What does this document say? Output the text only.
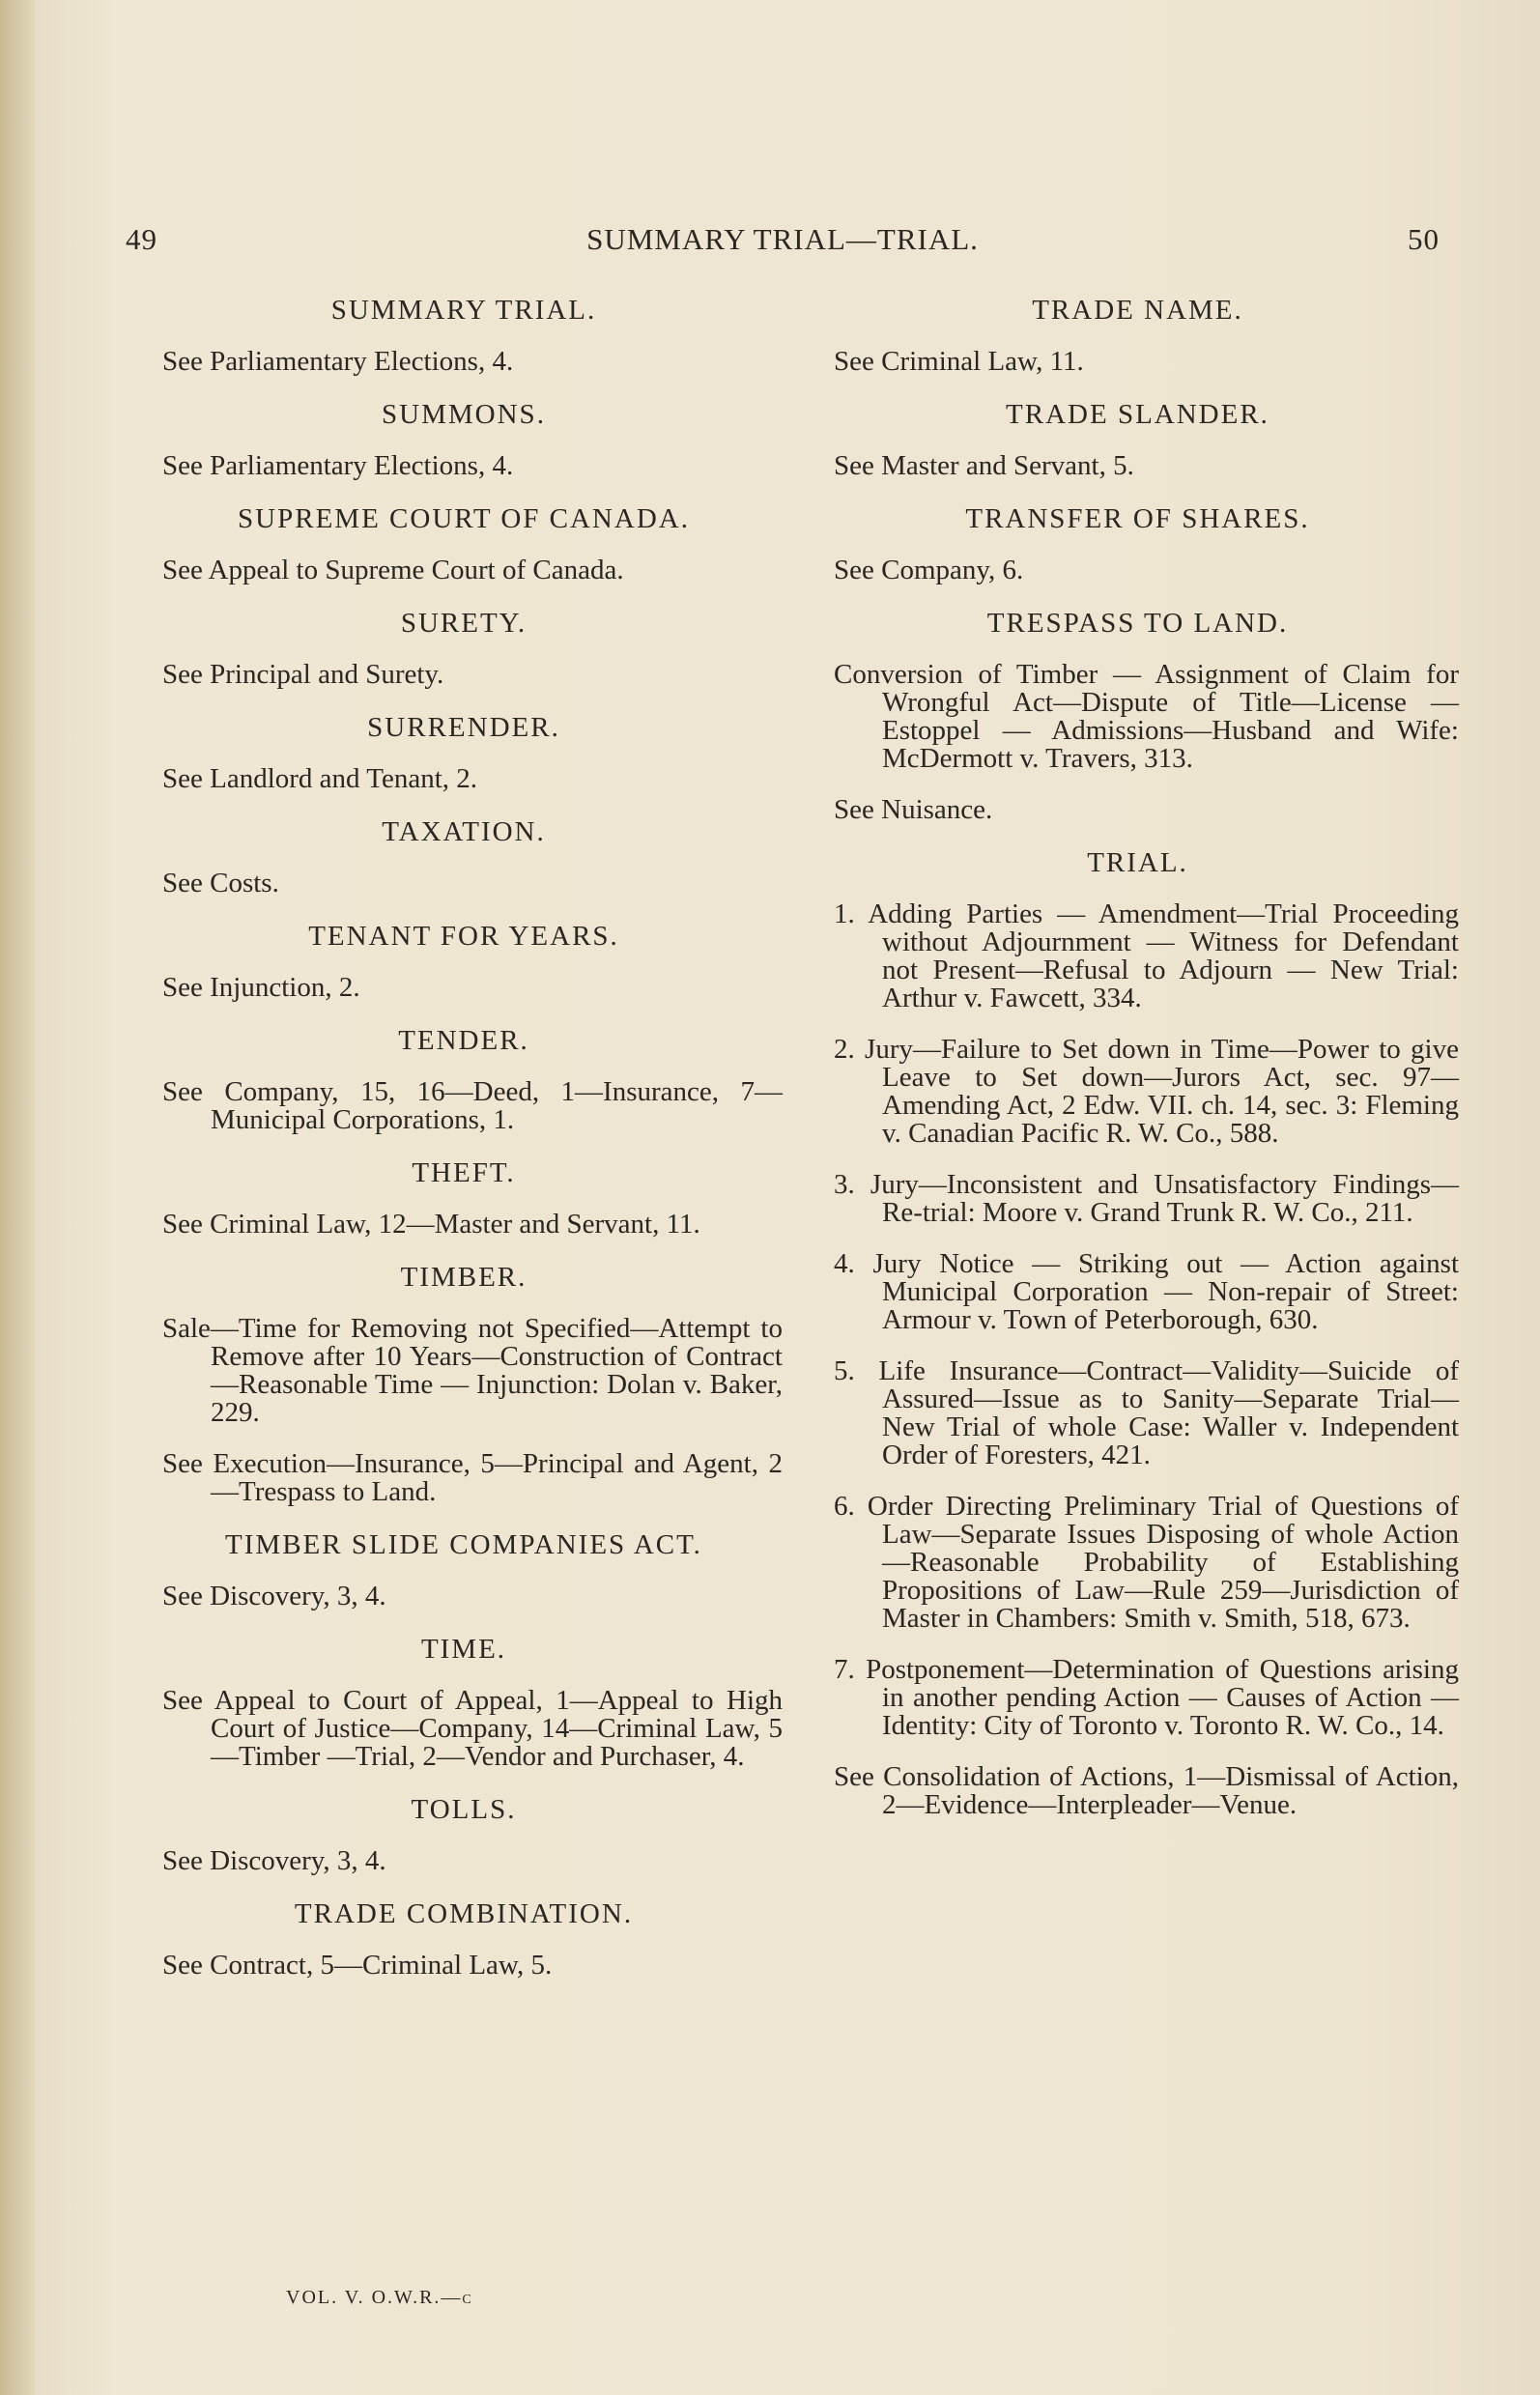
49	SUMMARY TRIAL—TRIAL.	50
SUMMARY TRIAL.
See Parliamentary Elections, 4.
SUMMONS.
See Parliamentary Elections, 4.
SUPREME COURT OF CANADA.
See Appeal to Supreme Court of Canada.
SURETY.
See Principal and Surety.
SURRENDER.
See Landlord and Tenant, 2.
TAXATION.
See Costs.
TENANT FOR YEARS.
See Injunction, 2.
TENDER.
See Company, 15, 16—Deed, 1—Insurance, 7—Municipal Corporations, 1.
THEFT.
See Criminal Law, 12—Master and Servant, 11.
TIMBER.
Sale—Time for Removing not Specified—Attempt to Remove after 10 Years—Construction of Contract—Reasonable Time — Injunction: Dolan v. Baker, 229.
See Execution—Insurance, 5—Principal and Agent, 2—Trespass to Land.
TIMBER SLIDE COMPANIES ACT.
See Discovery, 3, 4.
TIME.
See Appeal to Court of Appeal, 1—Appeal to High Court of Justice—Company, 14—Criminal Law, 5—Timber —Trial, 2—Vendor and Purchaser, 4.
TOLLS.
See Discovery, 3, 4.
TRADE COMBINATION.
See Contract, 5—Criminal Law, 5.
TRADE NAME.
See Criminal Law, 11.
TRADE SLANDER.
See Master and Servant, 5.
TRANSFER OF SHARES.
See Company, 6.
TRESPASS TO LAND.
Conversion of Timber — Assignment of Claim for Wrongful Act—Dispute of Title—License — Estoppel — Admissions—Husband and Wife: McDermott v. Travers, 313.
See Nuisance.
TRIAL.
1. Adding Parties — Amendment—Trial Proceeding without Adjournment — Witness for Defendant not Present—Refusal to Adjourn — New Trial: Arthur v. Fawcett, 334.
2. Jury—Failure to Set down in Time—Power to give Leave to Set down—Jurors Act, sec. 97—Amending Act, 2 Edw. VII. ch. 14, sec. 3: Fleming v. Canadian Pacific R. W. Co., 588.
3. Jury—Inconsistent and Unsatisfactory Findings—Re-trial: Moore v. Grand Trunk R. W. Co., 211.
4. Jury Notice — Striking out — Action against Municipal Corporation — Non-repair of Street: Armour v. Town of Peterborough, 630.
5. Life Insurance—Contract—Validity—Suicide of Assured—Issue as to Sanity—Separate Trial—New Trial of whole Case: Waller v. Independent Order of Foresters, 421.
6. Order Directing Preliminary Trial of Questions of Law—Separate Issues Disposing of whole Action—Reasonable Probability of Establishing Propositions of Law—Rule 259—Jurisdiction of Master in Chambers: Smith v. Smith, 518, 673.
7. Postponement—Determination of Questions arising in another pending Action — Causes of Action — Identity: City of Toronto v. Toronto R. W. Co., 14.
See Consolidation of Actions, 1—Dismissal of Action, 2—Evidence—Interpleader—Venue.
VOL. V. O.W.R.—c
